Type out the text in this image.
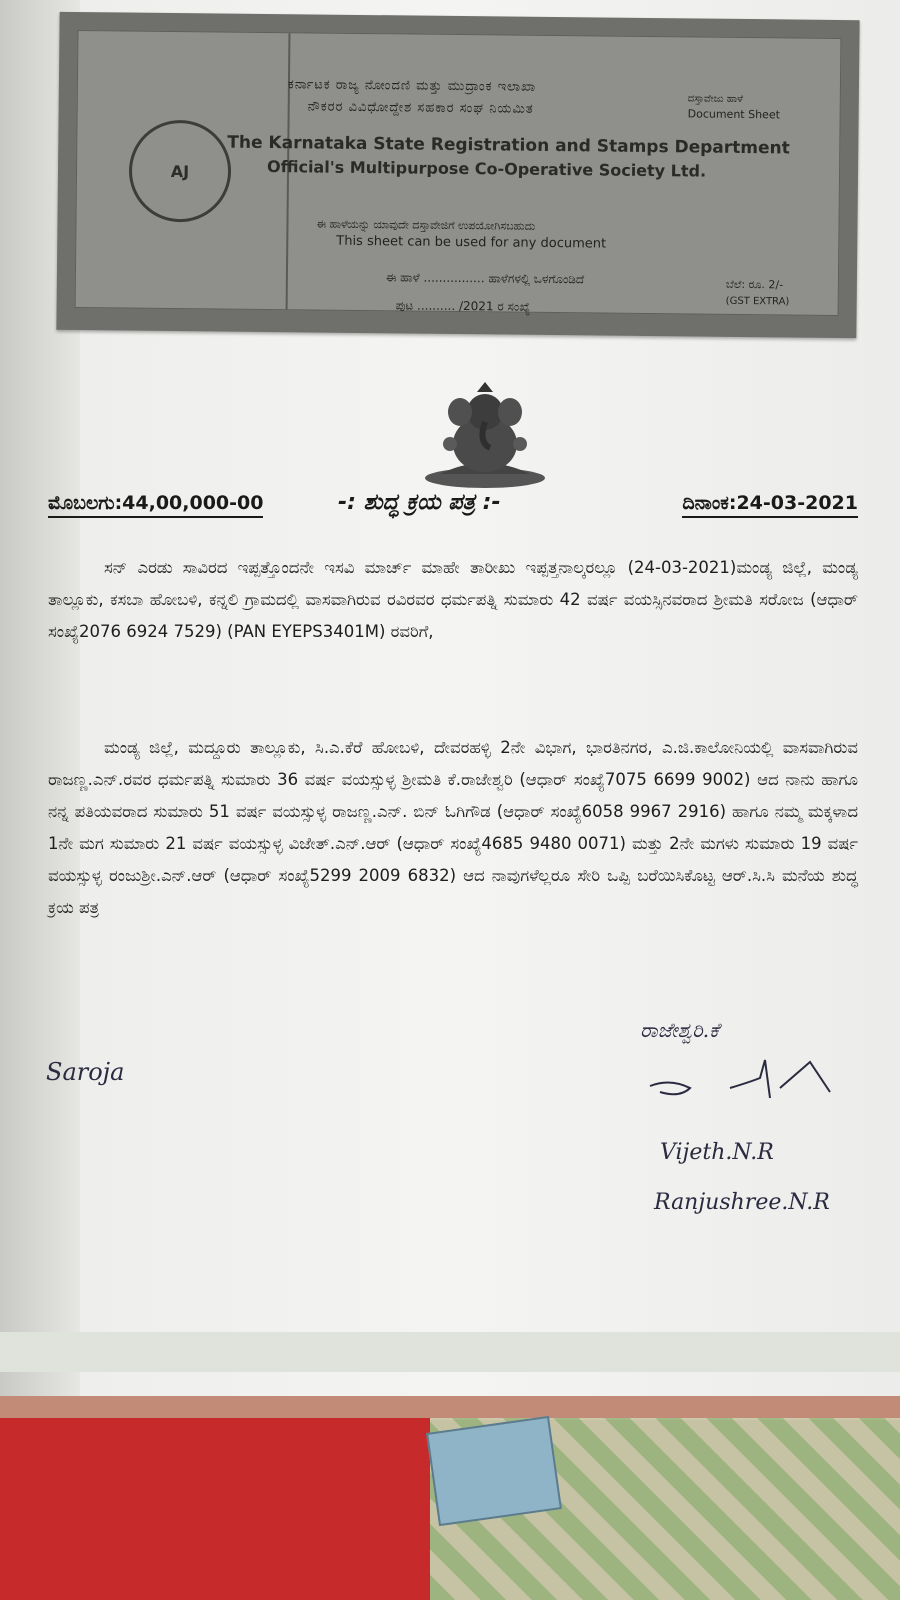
AJ
ಕರ್ನಾಟಕ ರಾಜ್ಯ ನೋಂದಣಿ ಮತ್ತು ಮುದ್ರಾಂಕ ಇಲಾಖಾ
ನೌಕರರ ವಿವಿಧೋದ್ದೇಶ ಸಹಕಾರ ಸಂಘ ನಿಯಮಿತ
The Karnataka State Registration and Stamps Department
Official's Multipurpose Co-Operative Society Ltd.
ಈ ಹಾಳೆಯನ್ನು ಯಾವುದೇ ದಸ್ತಾವೇಜಿಗೆ ಉಪಯೋಗಿಸಬಹುದು
This sheet can be used for any document
ಈ ಹಾಳೆ ................ ಹಾಳೆಗಳಲ್ಲಿ ಒಳಗೊಂಡಿದೆ
ಪುಟ .......... /2021 ರ ಸಂಖ್ಯೆ
ದಸ್ತಾವೇಜು ಹಾಳೆ
Document Sheet
ಬೆಲೆ: ರೂ. 2/-
(GST EXTRA)
ಮೊಬಲಗು:44,00,000-00	-: ಶುದ್ಧ ಕ್ರಯ ಪತ್ರ :-	ದಿನಾಂಕ:24-03-2021
ಸನ್ ಎರಡು ಸಾವಿರದ ಇಪ್ಪತ್ತೊಂದನೇ ಇಸವಿ ಮಾರ್ಚ್ ಮಾಹೇ ತಾರೀಖು ಇಪ್ಪತ್ತನಾಲ್ಕರಲ್ಲೂ (24-03-2021)ಮಂಡ್ಯ ಜಿಲ್ಲೆ, ಮಂಡ್ಯ ತಾಲ್ಲೂಕು, ಕಸಬಾ ಹೋಬಳಿ, ಕನ್ನಲಿ ಗ್ರಾಮದಲ್ಲಿ ವಾಸವಾಗಿರುವ ರವಿರವರ ಧರ್ಮಪತ್ನಿ ಸುಮಾರು 42 ವರ್ಷ ವಯಸ್ಸಿನವರಾದ ಶ್ರೀಮತಿ ಸರೋಜ (ಆಧಾರ್ ಸಂಖ್ಯೆ2076 6924 7529) (PAN EYEPS3401M) ರವರಿಗೆ,
ಮಂಡ್ಯ ಜಿಲ್ಲೆ, ಮದ್ದೂರು ತಾಲ್ಲೂಕು, ಸಿ.ಎ.ಕೆರೆ ಹೋಬಳಿ, ದೇವರಹಳ್ಳಿ 2ನೇ ವಿಭಾಗ, ಭಾರತಿನಗರ, ಎ.ಜಿ.ಕಾಲೋನಿಯಲ್ಲಿ ವಾಸವಾಗಿರುವ ರಾಜಣ್ಣ.ಎನ್.ರವರ ಧರ್ಮಪತ್ನಿ ಸುಮಾರು 36 ವರ್ಷ ವಯಸ್ಸುಳ್ಳ ಶ್ರೀಮತಿ ಕೆ.ರಾಜೇಶ್ವರಿ (ಆಧಾರ್ ಸಂಖ್ಯೆ7075 6699 9002) ಆದ ನಾನು ಹಾಗೂ ನನ್ನ ಪತಿಯವರಾದ ಸುಮಾರು 51 ವರ್ಷ ವಯಸ್ಸುಳ್ಳ ರಾಜಣ್ಣ.ಎನ್. ಬಿನ್ ಓಗಿಗೌಡ (ಆಧಾರ್ ಸಂಖ್ಯೆ6058 9967 2916) ಹಾಗೂ ನಮ್ಮ ಮಕ್ಕಳಾದ 1ನೇ ಮಗ ಸುಮಾರು 21 ವರ್ಷ ವಯಸ್ಸುಳ್ಳ ವಿಜೇತ್.ಎನ್.ಆರ್ (ಆಧಾರ್ ಸಂಖ್ಯೆ4685 9480 0071) ಮತ್ತು 2ನೇ ಮಗಳು ಸುಮಾರು 19 ವರ್ಷ ವಯಸ್ಸುಳ್ಳ ರಂಜುಶ್ರೀ.ಎನ್.ಆರ್ (ಆಧಾರ್ ಸಂಖ್ಯೆ5299 2009 6832) ಆದ ನಾವುಗಳೆಲ್ಲರೂ ಸೇರಿ ಒಪ್ಪಿ ಬರೆಯಿಸಿಕೊಟ್ಟ ಆರ್.ಸಿ.ಸಿ ಮನೆಯ ಶುದ್ಧ ಕ್ರಯ ಪತ್ರ
Saroja
ರಾಜೇಶ್ವರಿ.ಕೆ
Vijeth.N.R
Ranjushree.N.R
